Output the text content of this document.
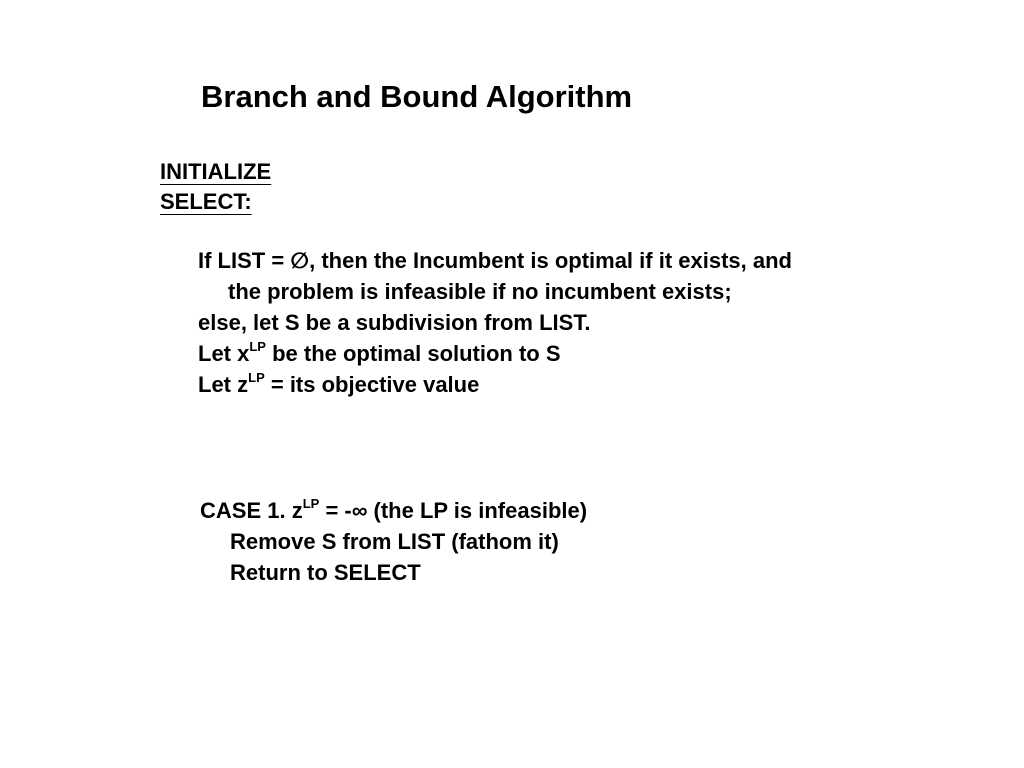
Branch and Bound Algorithm
INITIALIZE
SELECT:
If LIST = ∅, then the Incumbent is optimal if it exists, and
the problem is infeasible if no incumbent exists;
else, let S be a subdivision from LIST.
Let $x^{LP}$ be the optimal solution to S
Let $z^{LP}$ = its objective value
CASE 1. $z^{LP}$ = -∞ (the LP is infeasible)
Remove S from LIST (fathom it)
Return to SELECT
